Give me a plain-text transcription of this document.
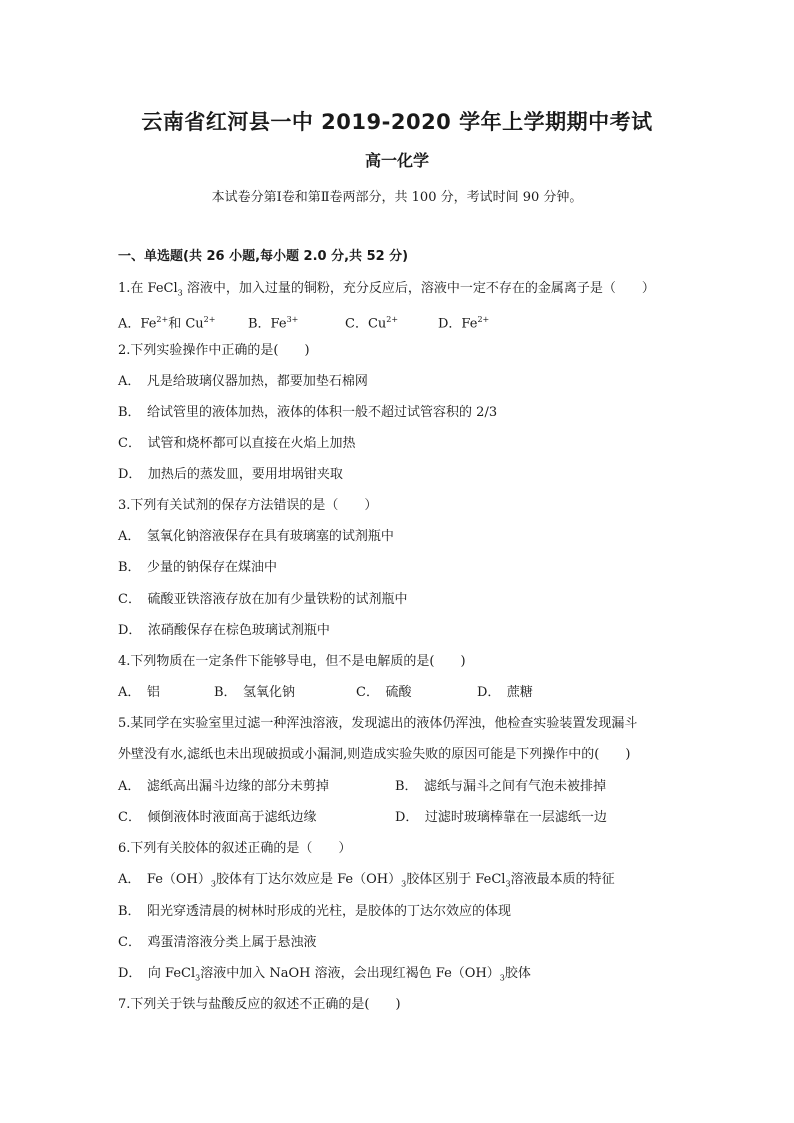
云南省红河县一中 2019-2020 学年上学期期中考试
高一化学
本试卷分第Ⅰ卷和第Ⅱ卷两部分，共 100 分，考试时间 90 分钟。
一、单选题(共 26 小题,每小题 2.0 分,共 52 分)
1.在 FeCl$_3$ 溶液中，加入过量的铜粉，充分反应后，溶液中一定不存在的金属离子是（　　）
A．$Fe^{2+}$和 $Cu^{2+}$	B．$Fe^{3+}$	C．$Cu^{2+}$	D．$Fe^{2+}$
2.下列实验操作中正确的是(　　)
A．　凡是给玻璃仪器加热，都要加垫石棉网
B．　给试管里的液体加热，液体的体积一般不超过试管容积的 2/3
C．　试管和烧杯都可以直接在火焰上加热
D．　加热后的蒸发皿，要用坩埚钳夹取
3.下列有关试剂的保存方法错误的是（　　）
A．　氢氧化钠溶液保存在具有玻璃塞的试剂瓶中
B．　少量的钠保存在煤油中
C．　硫酸亚铁溶液存放在加有少量铁粉的试剂瓶中
D．　浓硝酸保存在棕色玻璃试剂瓶中
4.下列物质在一定条件下能够导电，但不是电解质的是(　　)
A．　铝	B．　氢氧化钠	C．　硫酸	D．　蔗糖
5.某同学在实验室里过滤一种浑浊溶液，发现滤出的液体仍浑浊，他检查实验装置发现漏斗
外壁没有水,滤纸也未出现破损或小漏洞,则造成实验失败的原因可能是下列操作中的(　　)
A．　滤纸高出漏斗边缘的部分未剪掉	B．　滤纸与漏斗之间有气泡未被排掉
C．　倾倒液体时液面高于滤纸边缘	D．　过滤时玻璃棒靠在一层滤纸一边
6.下列有关胶体的叙述正确的是（　　）
A．　$Fe(OH)_3$胶体有丁达尔效应是 $Fe(OH)_3$胶体区别于 FeCl$_3$溶液最本质的特征
B．　阳光穿透清晨的树林时形成的光柱，是胶体的丁达尔效应的体现
C．　鸡蛋清溶液分类上属于悬浊液
D．　向 FeCl$_3$溶液中加入 NaOH 溶液，会出现红褐色 $Fe(OH)_3$胶体
7.下列关于铁与盐酸反应的叙述不正确的是(　　)
